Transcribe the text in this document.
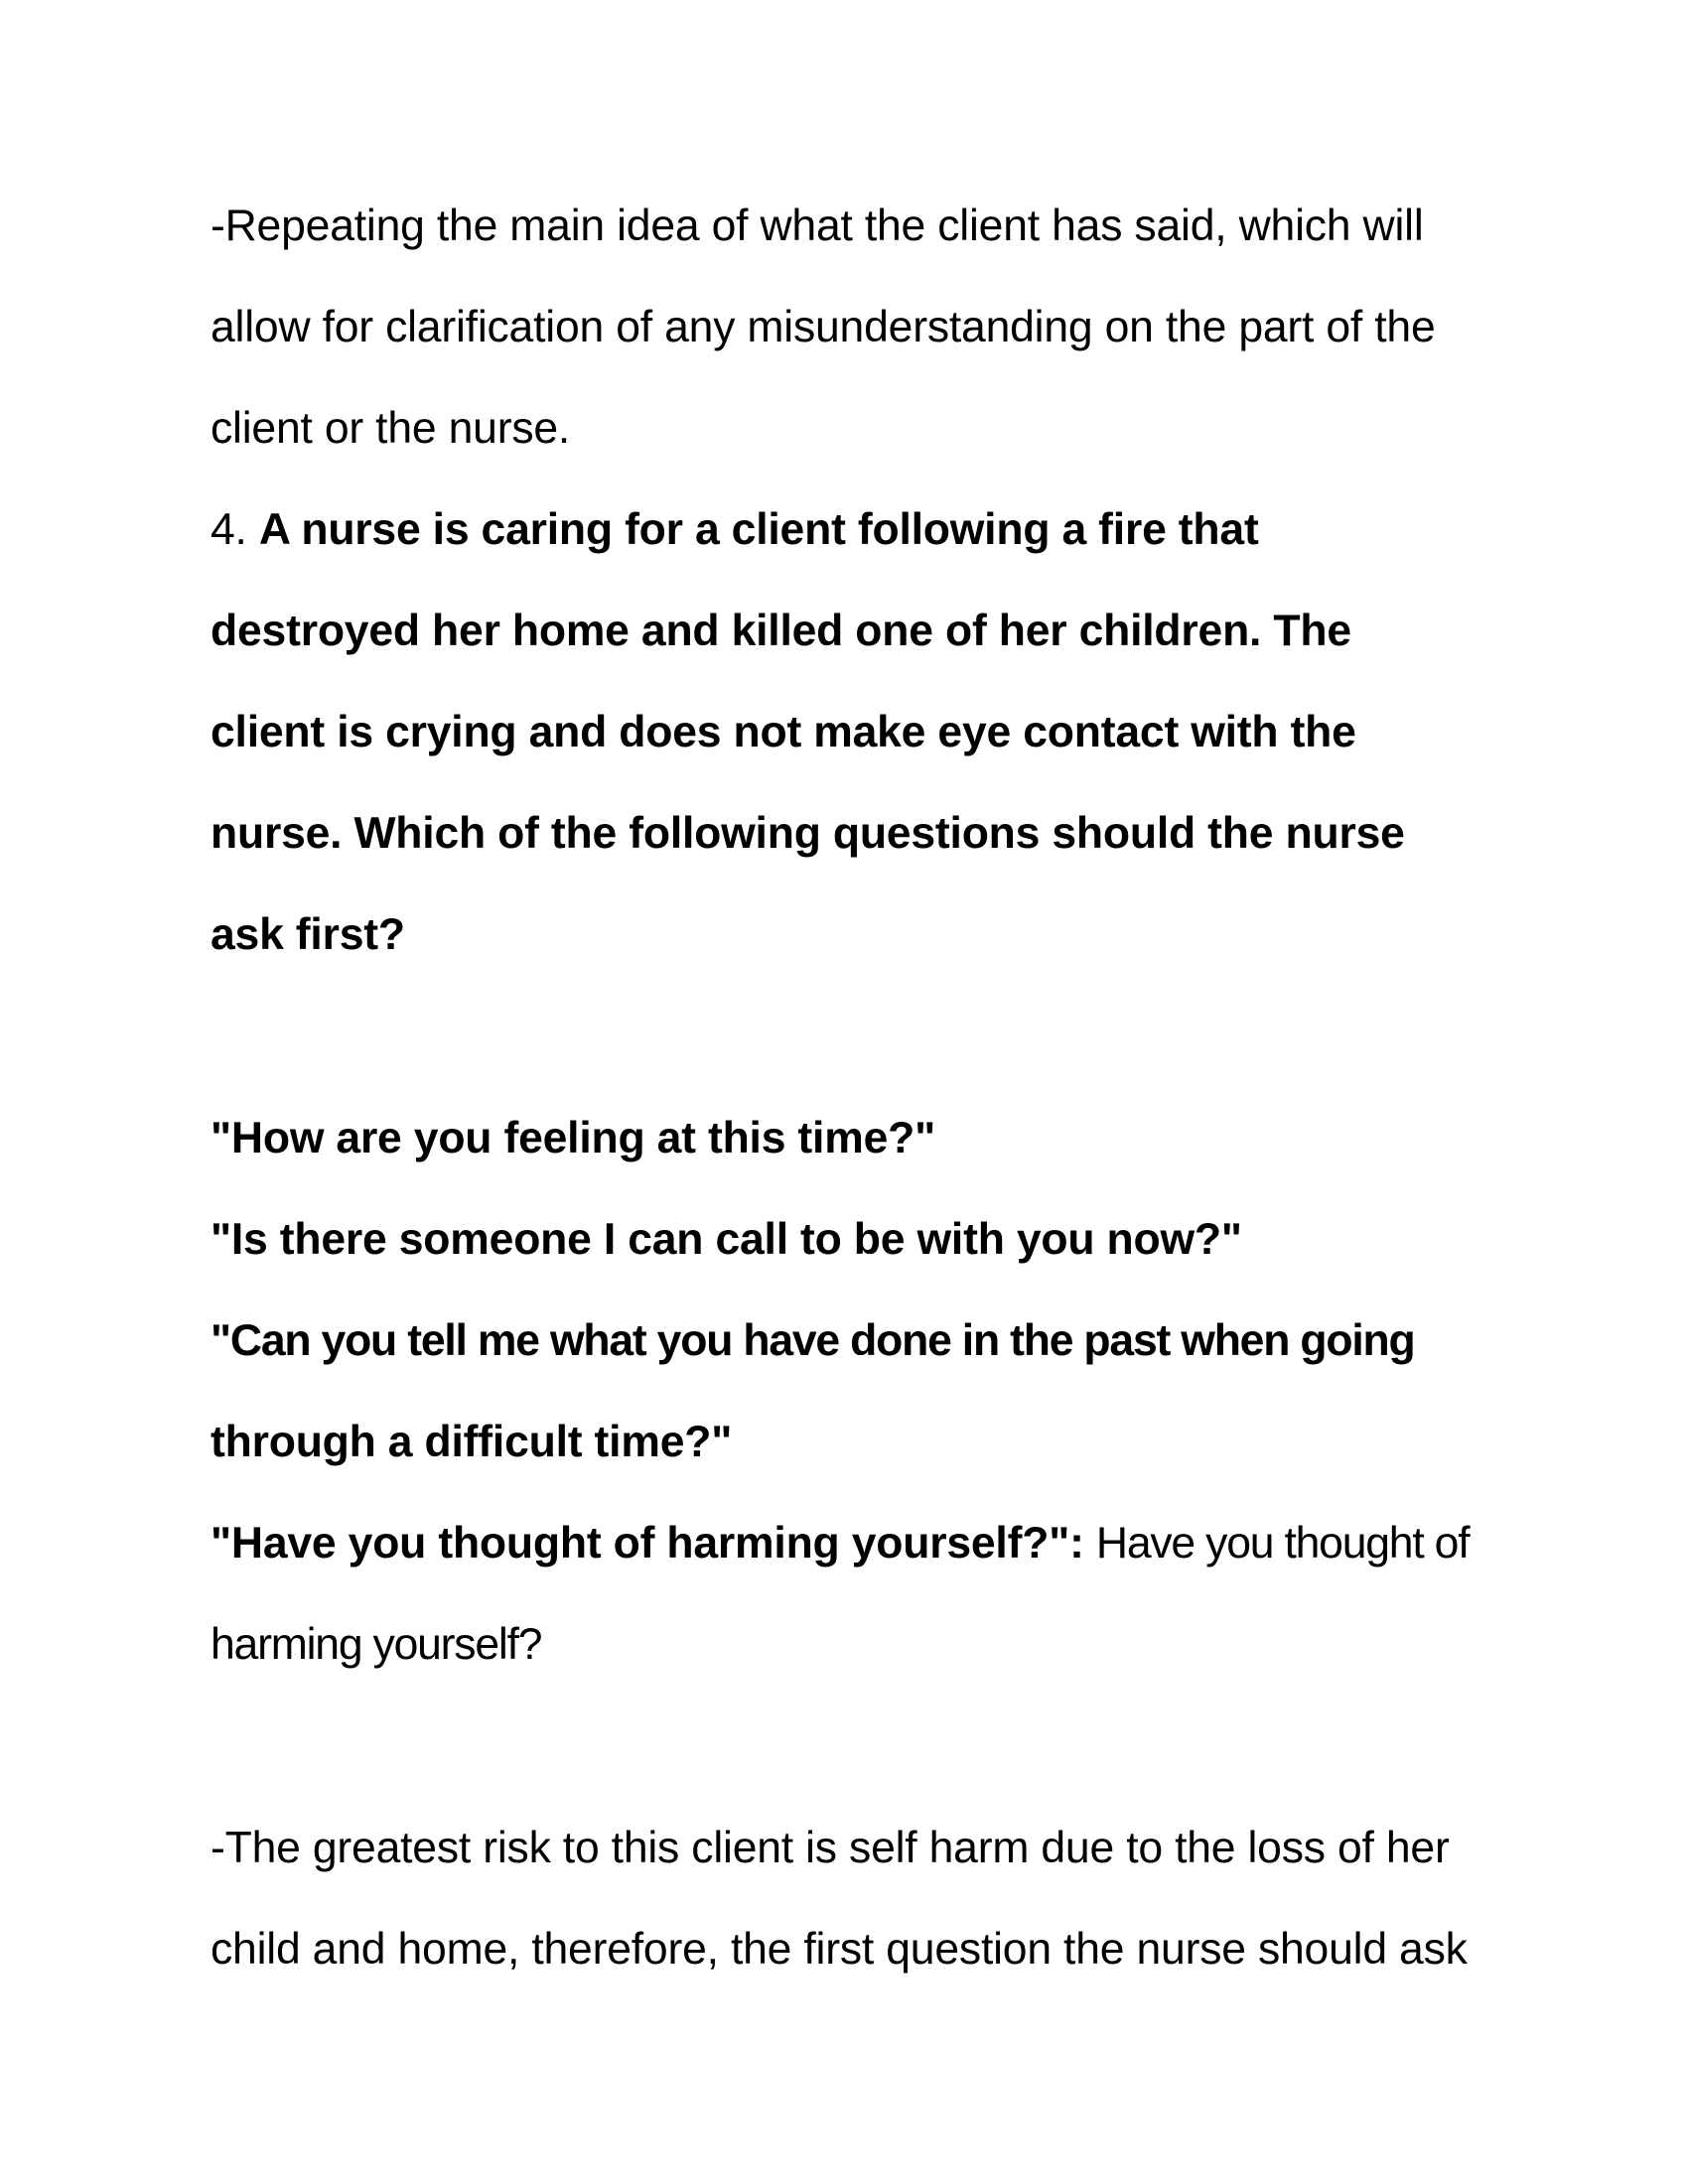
-Repeating the main idea of what the client has said, which will
allow for clarification of any misunderstanding on the part of the
client or the nurse.
4. A nurse is caring for a client following a fire that
destroyed her home and killed one of her children. The
client is crying and does not make eye contact with the
nurse. Which of the following questions should the nurse
ask first?
"How are you feeling at this time?"
"Is there someone I can call to be with you now?"
"Can you tell me what you have done in the past when going
through a difficult time?"
"Have you thought of harming yourself?": Have you thought of
harming yourself?
-The greatest risk to this client is self harm due to the loss of her
child and home, therefore, the first question the nurse should ask
